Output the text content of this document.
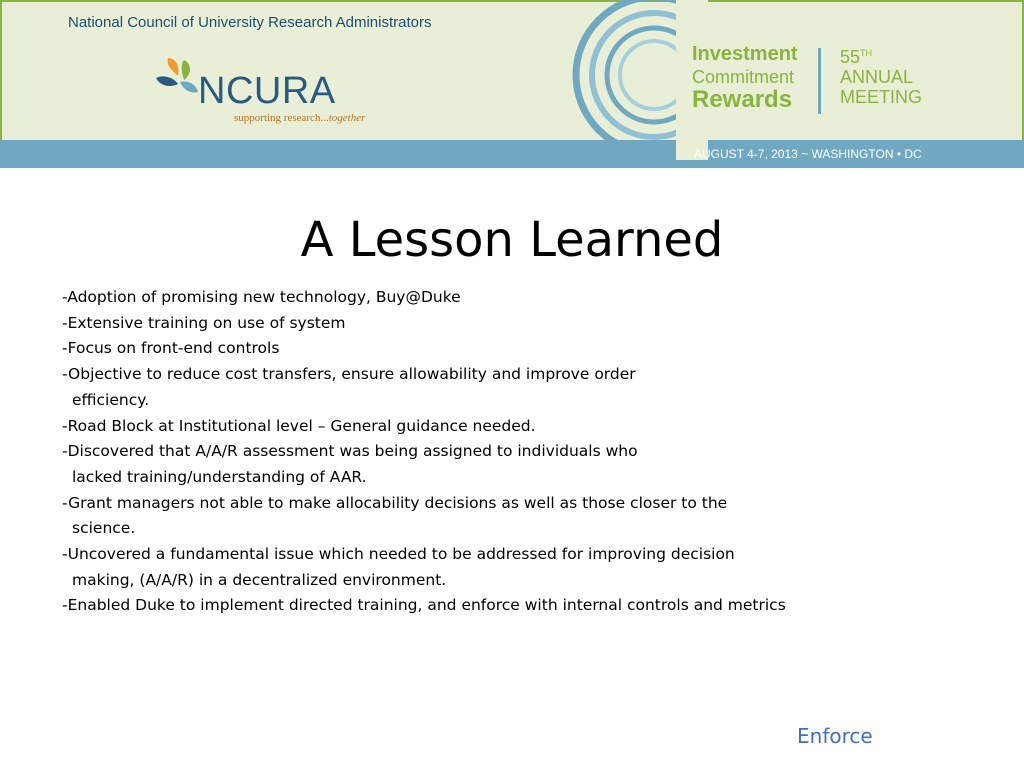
National Council of University Research Administrators
NCURA
supporting research...together
Investment
Commitment
Rewards
55TH
ANNUAL
MEETING
AUGUST 4-7, 2013 ~ WASHINGTON • DC
A Lesson Learned
-Adoption of promising new technology, Buy@Duke
-Extensive training on use of system
-Focus on front-end controls
-Objective to reduce cost transfers, ensure allowability and improve order
efficiency.
-Road Block at Institutional level – General guidance needed.
-Discovered that A/A/R assessment was being assigned to individuals who
lacked training/understanding of AAR.
-Grant managers not able to make allocability decisions as well as those closer to the
science.
-Uncovered a fundamental issue which needed to be addressed for improving decision
making, (A/A/R) in a decentralized environment.
-Enabled Duke to implement directed training, and enforce with internal controls and metrics
Enforce
